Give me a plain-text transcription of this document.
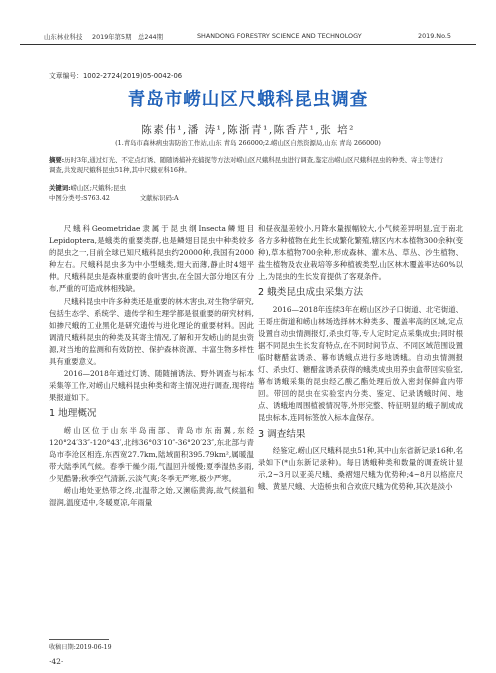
山东林业科技 2019年第5期 总244期	SHANDONG FORESTRY SCIENCE AND TECHNOLOGY	2019.No.5
文章编号：1002-2724(2019)05-0042-06
青岛市崂山区尺蛾科昆虫调查
陈素伟¹,潘 涛¹,陈浙青¹,陈香芹¹,张 培²
(1.青岛市森林病虫害防治工作站,山东 青岛 266000;2.崂山区自然资源局,山东 青岛 266000)
摘要:历时3年,通过灯光、不定点灯诱、随随诱捕补充捕捉等方法对崂山区尺蛾科昆虫进行调查,鉴定出崂山区尺蛾科昆虫的种类、寄主等进行调查,共发现尺蛾科昆虫51种,其中尺蛾亚科16种。
关键词:崂山区;尺蛾科;昆虫
中图分类号:S763.42	文献标识码:A

尺蛾科Geometridae隶属于昆虫纲Insecta鳞翅目Lepidoptera,是蛾类的重要类群,也是鳞翅目昆虫中种类较多的昆虫之一,目前全球已知尺蛾科昆虫约20000种,我国有2000种左右。尺蛾科昆虫多为中小型蛾类,翅大而薄,静止时4翅平伸。尺蛾科昆虫是森林重要的食叶害虫,在全国大部分地区有分布,严重的可造成林相残缺。

尺蛾科昆虫中许多种类还是重要的林木害虫,对生物学研究,包括生态学、系统学、遗传学和生理学都是很重要的研究材料,如掺尺蛾的工业黑化是研究遗传与进化理论的重要材料。因此调清尺蛾科昆虫的种类及其寄主情况,了解和开发崂山的昆虫资源,对当地的监测和有效防控、保护森林资源、丰富生物多样性具有重要意义。

2016—2018年通过灯诱、随随捕诱法、野外调查与标本采集等工作,对崂山尺蛾科昆虫种类和寄主情况进行调查,现将结果报道如下。

1 地理概况

崂山区位于山东半岛南部、青岛市东南翼,东经120°24′33″-120°43′,北纬36°03′10″-36°20′23″,东北部与青岛市李沧区相连,东西宽27.7km,陆域面积395.79km²,属暖温带大陆季风气候。春季干燥少雨,气温回升缓慢;夏季湿热多雨,少见酷暑;秋季空气清新,云淡气爽;冬季无严寒,极少严寒。

崂山地处亚热带之终,北温带之始,又濒临黄海,故气候温和湿润,温度适中,冬暖夏凉,年雨量

和昼夜温差较小,月降水量振幅较大,小气候差异明显,宜于南北各方多种植物在此生长成繁化繁殖,辖区内木本植物300余种(变种),草本植物700余种,形成森林、灌木丛、草丛、沙生植物、盐生植物及农业栽培等多种植被类型,山区林木覆盖率达60%以上,为昆虫的生长发育提供了客观条件。

2 蛾类昆虫成虫采集方法

2016—2018年连续3年在崂山区沙子口街道、北宅街道、王哥庄街道和崂山林场选择林木种类多、覆盖率高的区域,定点设置自动虫情测报灯,杀虫灯等,专人定时定点采集成虫;同时根据不同昆虫生长发育特点,在不同时间节点、不同区域范围设置临时糖醋盆诱杀、幕布诱蛾点进行多地诱蛾。自动虫情测报灯、杀虫灯、糖醋盆诱杀获得的蛾类成虫用养虫盒带回实验室,幕布诱蛾采集的昆虫经乙酸乙酯处理后放入密封保鲜盒内带回。带回的昆虫在实验室内分类、鉴定、记录诱蛾时间、地点、诱蛾地周围植被情况等,外形完整、特征明显的蛾子制成成昆虫标本,连同标签放入标本盒保存。

3 调查结果

经鉴定,崂山区尺蛾科昆虫51种,其中山东省新记录16种,名录如下(*山东新记录种)。每日诱蛾种类和数量的调查统计显示,2~3月以亚美尺蛾、桑褶翅尺蛾为优势种;4~8月以格庶尺蛾、黄星尺蛾、大造桥虫和合欢庶尺蛾为优势种,其次是淡小

收稿日期:2019-06-19
·42·
